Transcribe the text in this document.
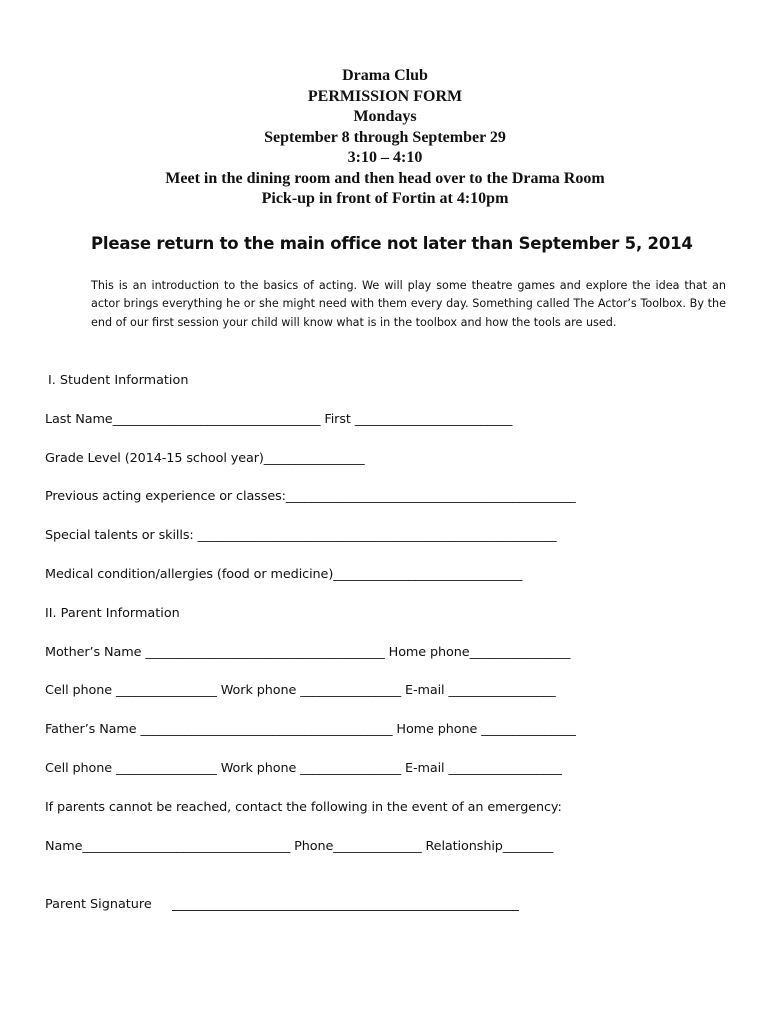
Drama Club
PERMISSION FORM
Mondays
September 8 through September 29
3:10 – 4:10
Meet in the dining room and then head over to the Drama Room
Pick-up in front of Fortin at 4:10pm
Please return to the main office not later than September 5, 2014
This is an introduction to the basics of acting. We will play some theatre games and explore the idea that an actor brings everything he or she might need with them every day. Something called The Actor’s Toolbox. By the end of our first session your child will know what is in the toolbox and how the tools are used.
I. Student Information
Last Name_________________________________ First _________________________
Grade Level (2014-15 school year)________________
Previous acting experience or classes:______________________________________________
Special talents or skills: _________________________________________________________
Medical condition/allergies (food or medicine)______________________________
II. Parent Information
Mother’s Name ______________________________________ Home phone________________
Cell phone ________________ Work phone ________________ E-mail _________________
Father’s Name ________________________________________ Home phone _______________
Cell phone ________________ Work phone ________________ E-mail __________________
If parents cannot be reached, contact the following in the event of an emergency:
Name_________________________________ Phone______________ Relationship________
Parent Signature
